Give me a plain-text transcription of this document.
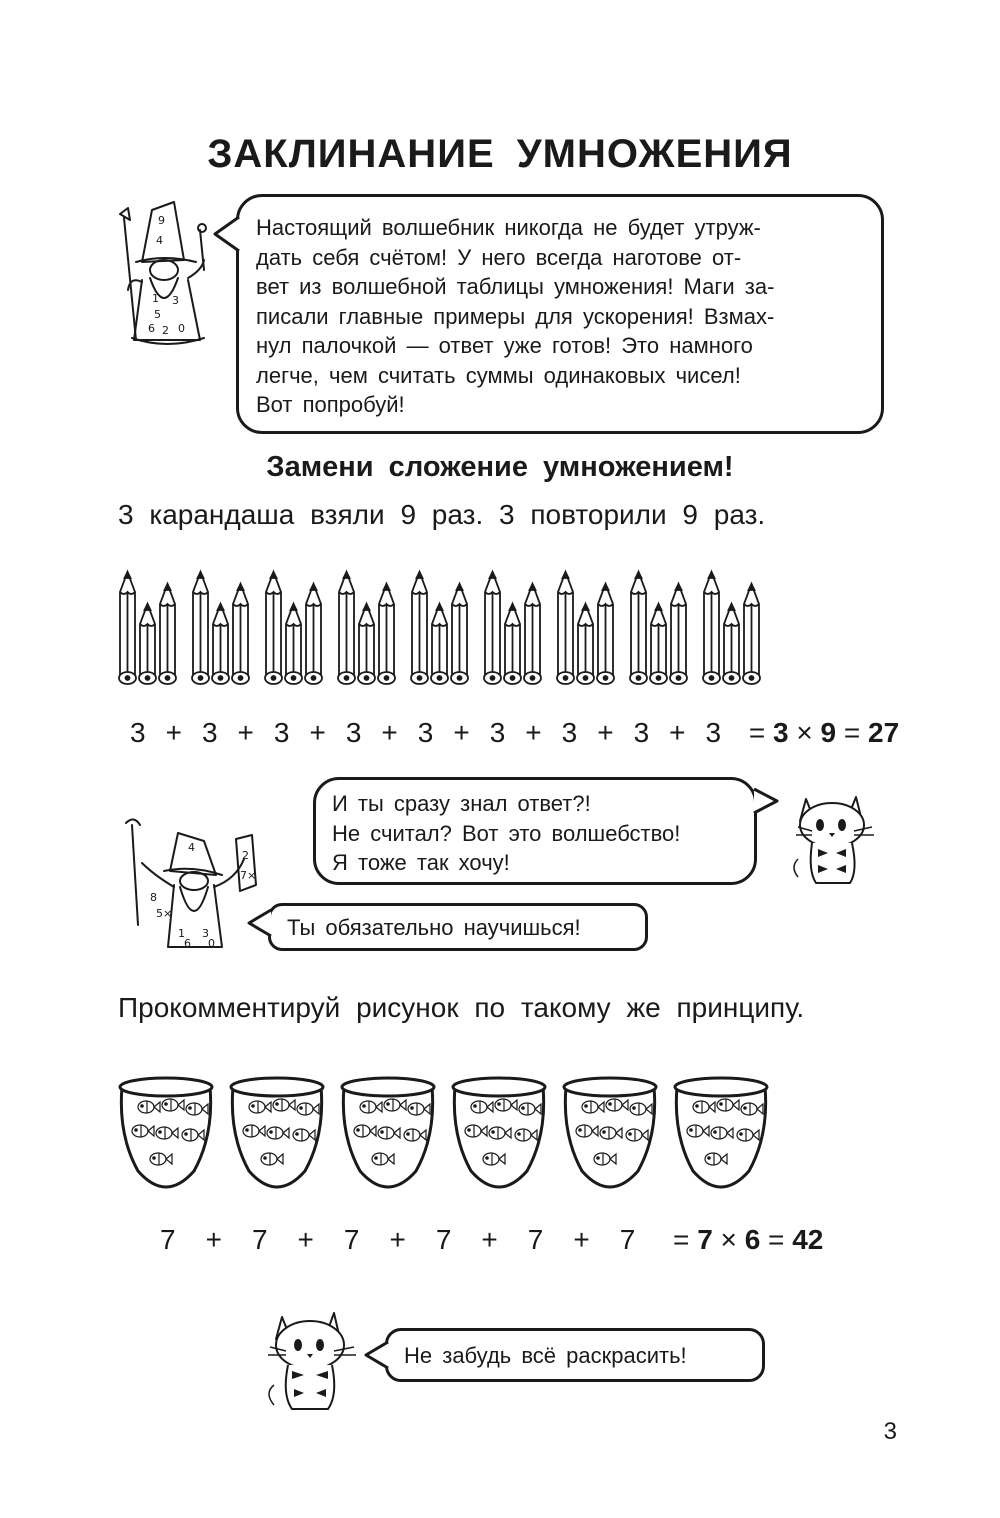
ЗАКЛИНАНИЕ УМНОЖЕНИЯ
9
4
1
5
3
6 2 0

Настоящий волшебник никогда не будет утруж-

дать себя счётом! У него всегда наготове от-

вет из волшебной таблицы умножения! Маги за-

писали главные примеры для ускорения! Взмах-

нул палочкой — ответ уже готов! Это намного

легче, чем считать суммы одинаковых чисел!

Вот попробуй!

Замени сложение умножением!
3 карандаша взяли 9 раз. 3 повторили 9 раз.
3 + 3 + 3 + 3 + 3 + 3 + 3 + 3 + 3 = 3 × 9 = 27

И ты сразу знал ответ?!

Не считал? Вот это волшебство!

Я тоже так хочу!

4
8
5×
2
7×
1
6
3
0
Ты обязательно научишься!
Прокомментируй рисунок по такому же принципу.
7 + 7 + 7 + 7 + 7 + 7 = 7 × 6 = 42
Не забудь всё раскрасить!
3
